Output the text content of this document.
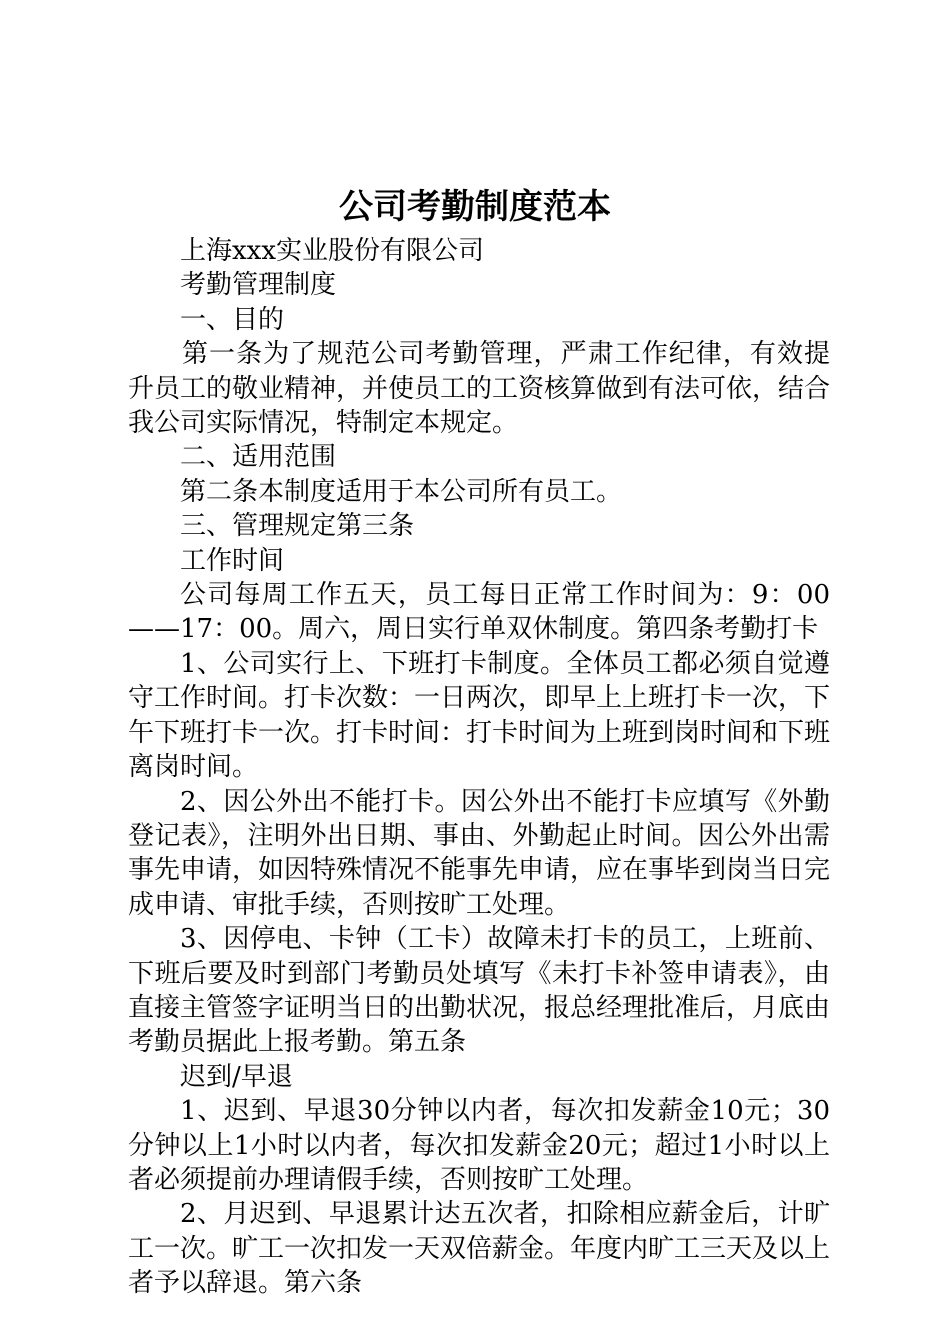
公司考勤制度范本

上海xxx实业股份有限公司

考勤管理制度

一、目的

第一条为了规范公司考勤管理，严肃工作纪律，有效提升员工的敬业精神，并使员工的工资核算做到有法可依，结合我公司实际情况，特制定本规定。

二、适用范围

第二条本制度适用于本公司所有员工。

三、管理规定第三条

工作时间

公司每周工作五天，员工每日正常工作时间为：9：00——17：00。周六，周日实行单双休制度。第四条考勤打卡

1、公司实行上、下班打卡制度。全体员工都必须自觉遵守工作时间。打卡次数：一日两次，即早上上班打卡一次，下午下班打卡一次。打卡时间：打卡时间为上班到岗时间和下班离岗时间。

2、因公外出不能打卡。因公外出不能打卡应填写《外勤登记表》，注明外出日期、事由、外勤起止时间。因公外出需事先申请，如因特殊情况不能事先申请，应在事毕到岗当日完成申请、审批手续，否则按旷工处理。

3、因停电、卡钟（工卡）故障未打卡的员工，上班前、下班后要及时到部门考勤员处填写《未打卡补签申请表》，由直接主管签字证明当日的出勤状况，报总经理批准后，月底由考勤员据此上报考勤。第五条

迟到/早退

1、迟到、早退30分钟以内者，每次扣发薪金10元；30分钟以上1小时以内者，每次扣发薪金20元；超过1小时以上者必须提前办理请假手续，否则按旷工处理。

2、月迟到、早退累计达五次者，扣除相应薪金后，计旷工一次。旷工一次扣发一天双倍薪金。年度内旷工三天及以上者予以辞退。第六条
